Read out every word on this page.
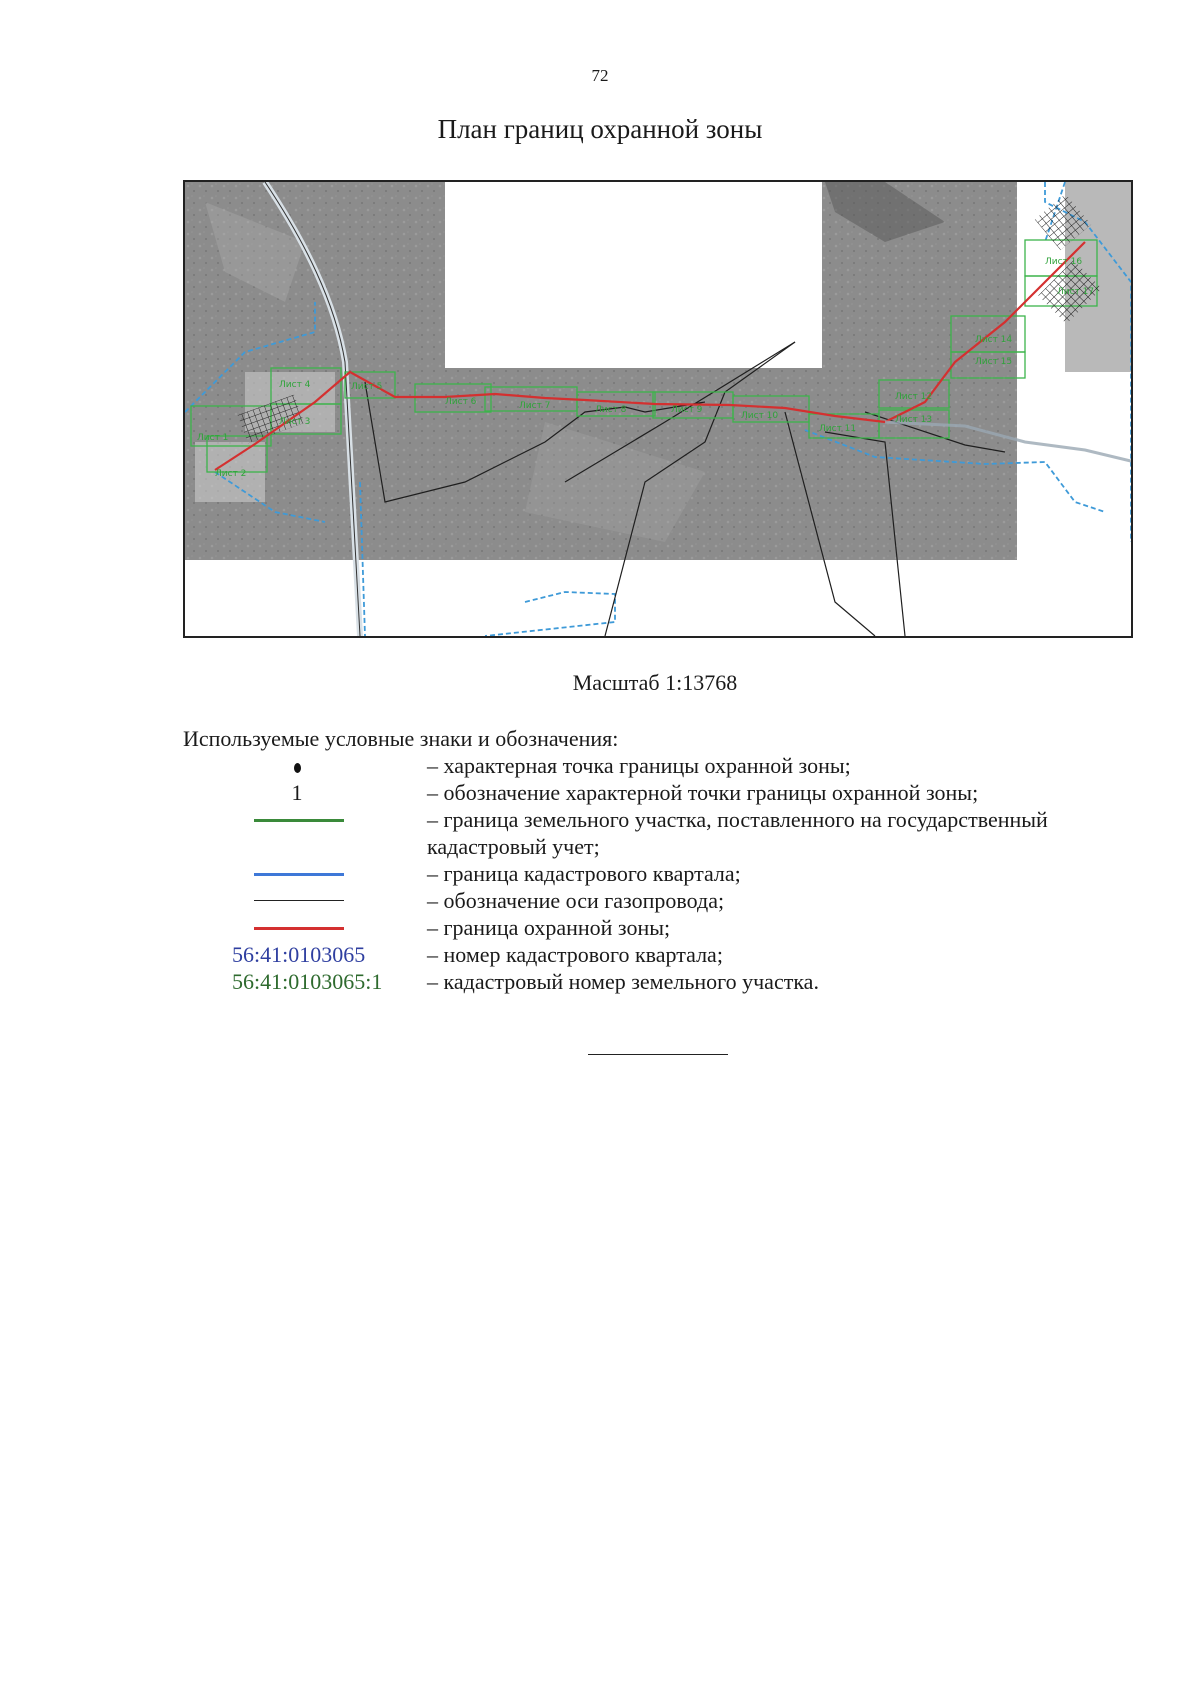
72
План границ охранной зоны
Лист 1
Лист 2
Лист 3
Лист 4	Лист 5
Лист 6	Лист 7	Лист 8	Лист 9
Лист 10
Лист 11
Лист 12
Лист 13
Лист 14
Лист 15
Лист 16
Лист 17
Масштаб 1:13768
Используемые условные знаки и обозначения:
– характерная точка границы охранной зоны;
1	– обозначение характерной точки границы охранной зоны;
– граница земельного участка, поставленного на государственный кадастровый учет;
– граница кадастрового квартала;
– обозначение оси газопровода;
– граница охранной зоны;
56:41:0103065	– номер кадастрового квартала;
56:41:0103065:1 – кадастровый номер земельного участка.
